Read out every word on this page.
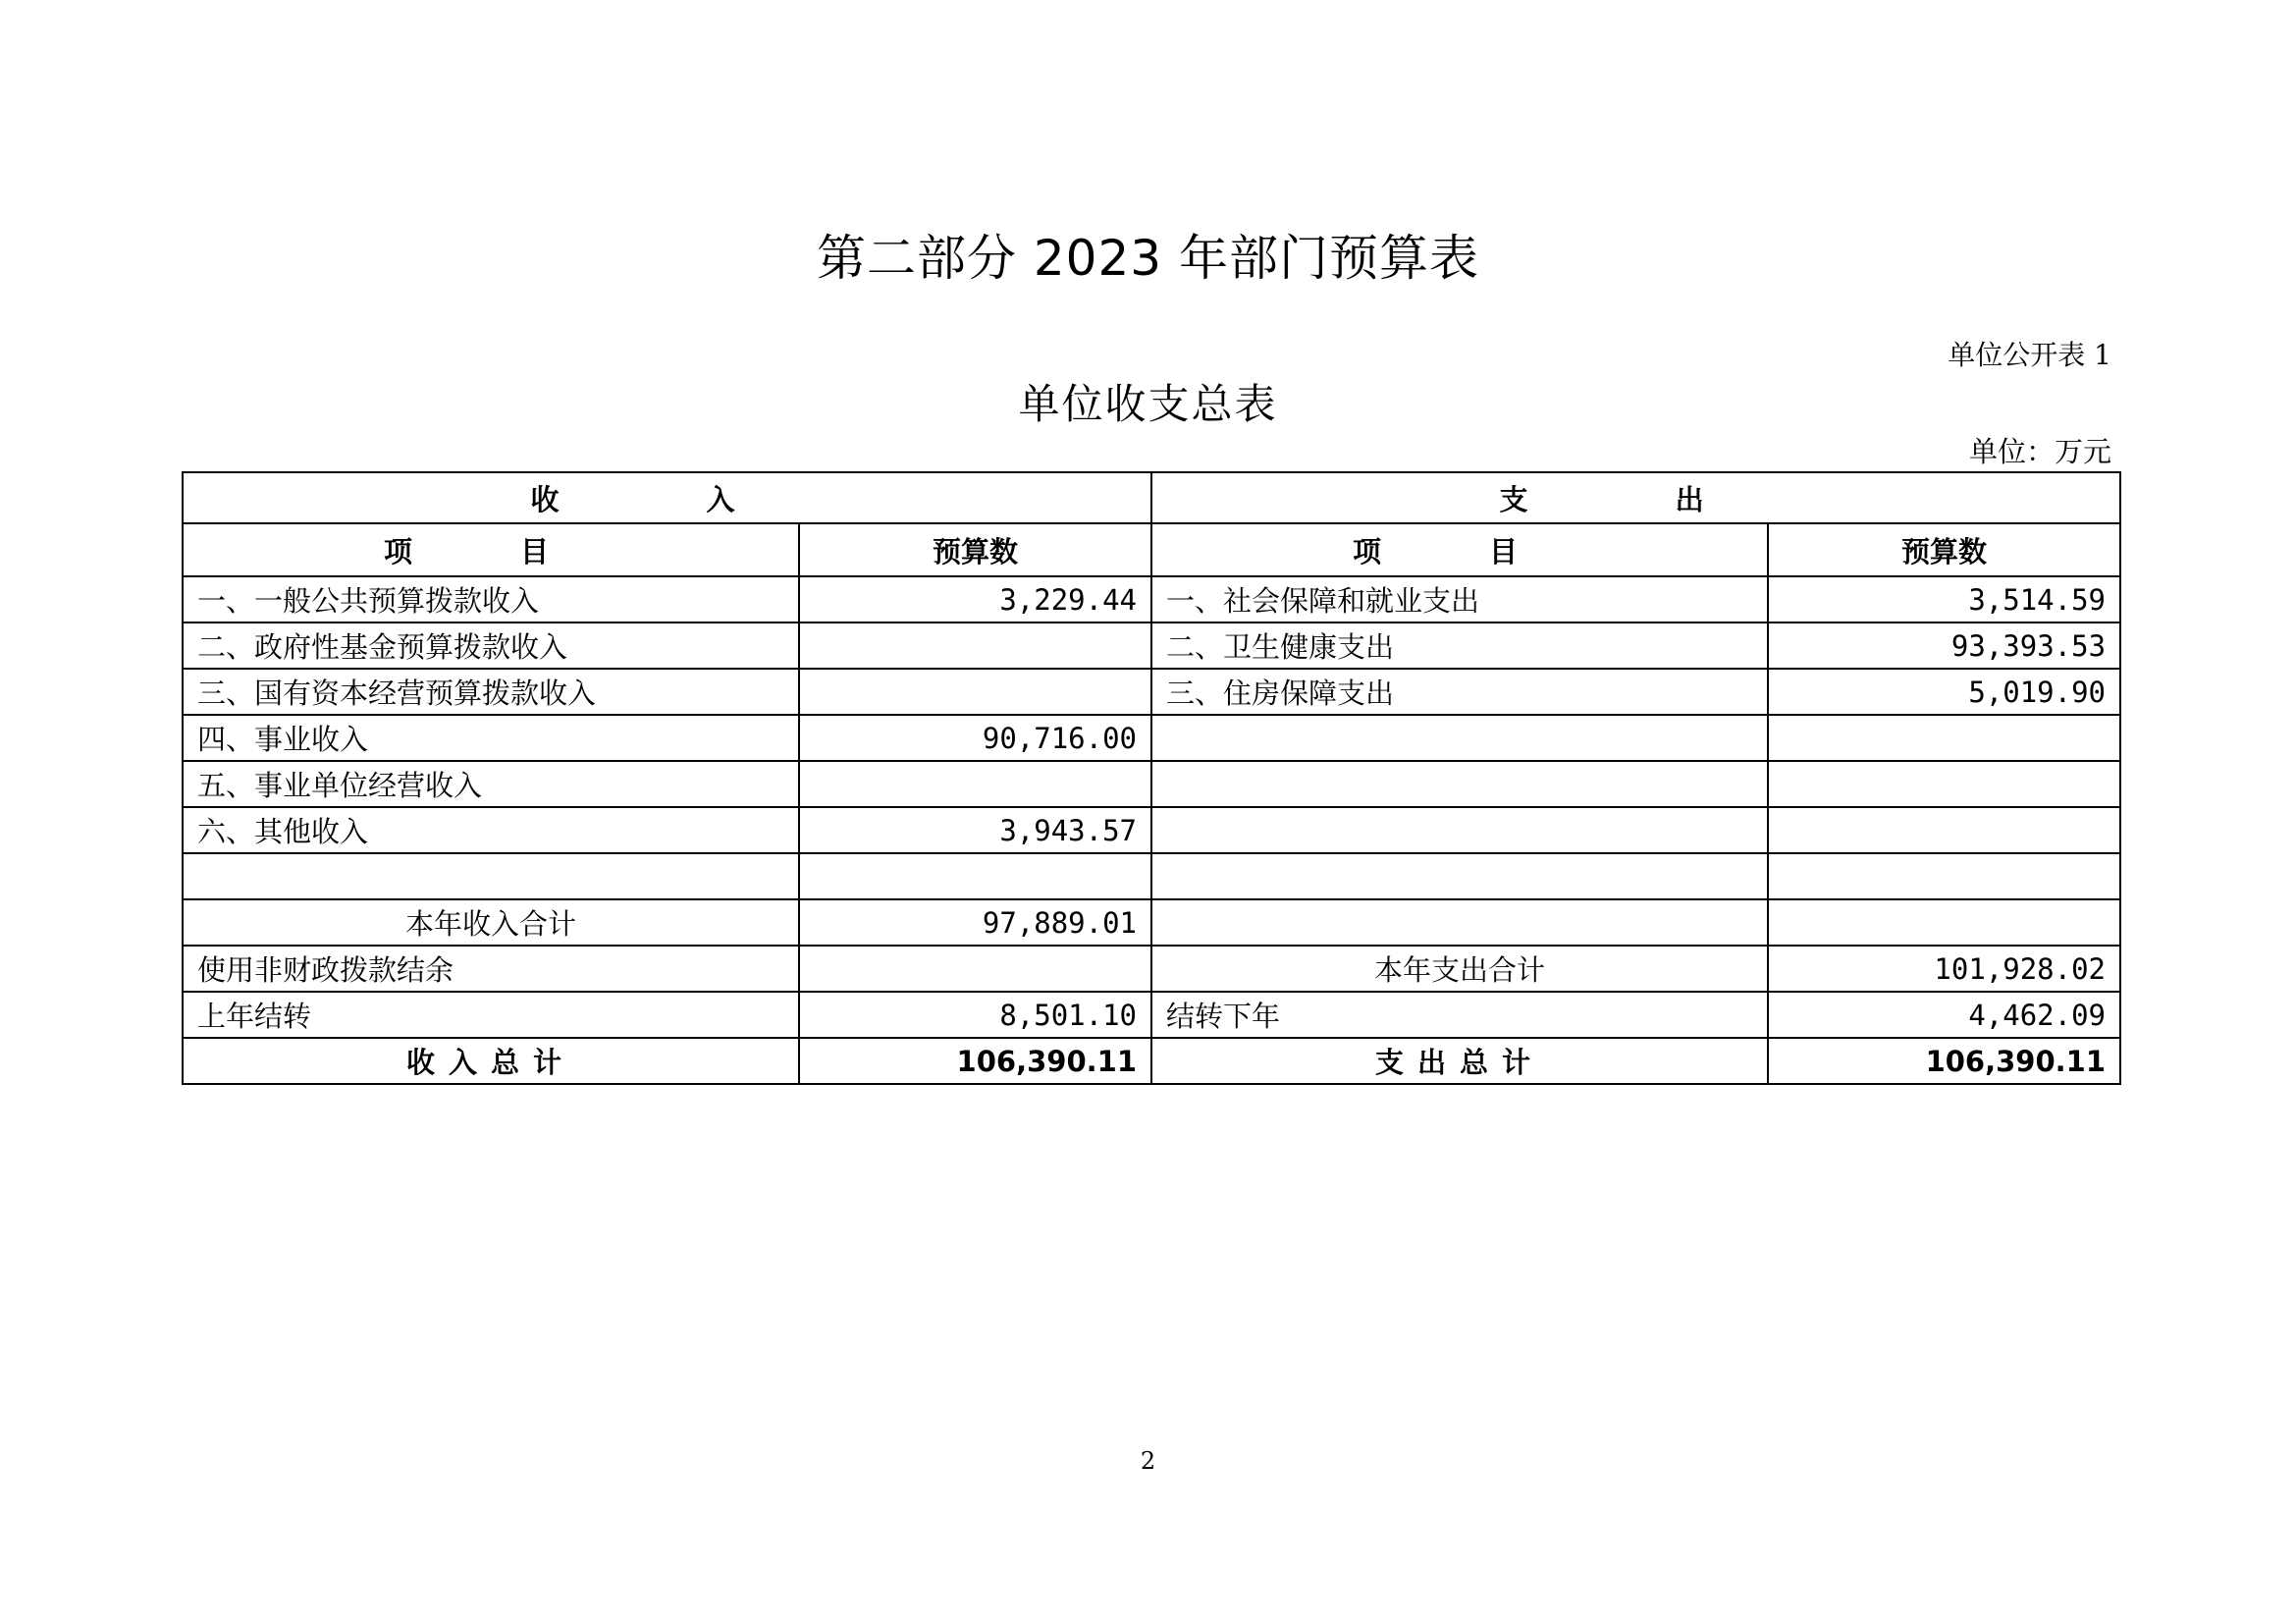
第二部分 2023 年部门预算表
单位公开表 1
单位收支总表
单位：万元
收 入		支 出	
项 目	预算数	项 目	预算数
一、一般公共预算拨款收入	3,229.44	一、社会保障和就业支出	3,514.59
二、政府性基金预算拨款收入		二、卫生健康支出	93,393.53
三、国有资本经营预算拨款收入		三、住房保障支出	5,019.90
四、事业收入	90,716.00		
五、事业单位经营收入			
六、其他收入	3,943.57		

本年收入合计	97,889.01		
使用非财政拨款结余		本年支出合计	101,928.02
上年结转	8,501.10	结转下年	4,462.09
收入总计	106,390.11	支出总计	106,390.11
2
